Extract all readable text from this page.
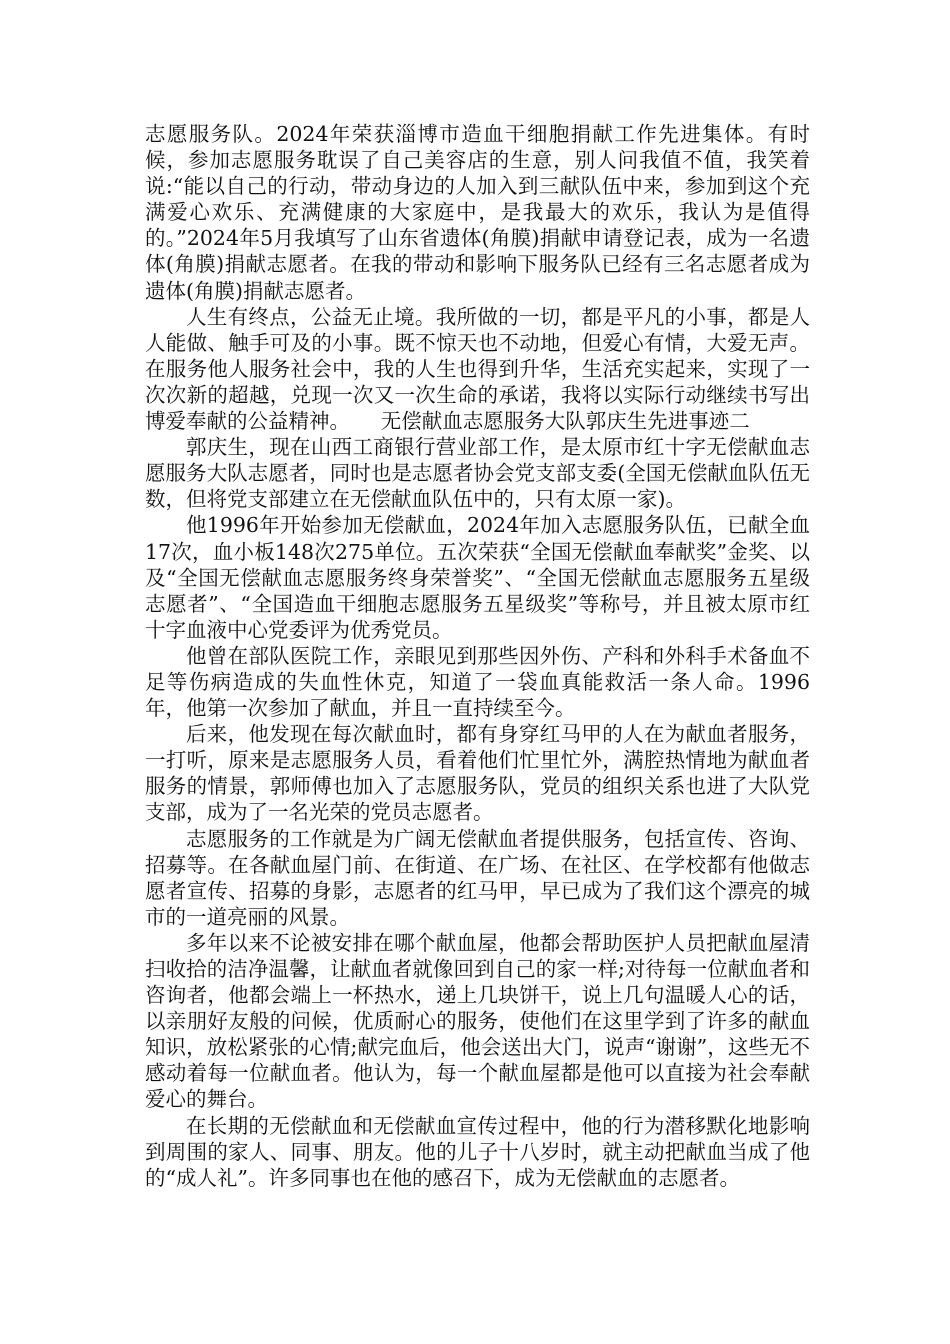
志愿服务队。2024年荣获淄博市造血干细胞捐献工作先进集体。有时候，参加志愿服务耽误了自己美容店的生意，别人问我值不值，我笑着说:“能以自己的行动，带动身边的人加入到三献队伍中来，参加到这个充满爱心欢乐、充满健康的大家庭中，是我最大的欢乐，我认为是值得的。”2024年5月我填写了山东省遗体(角膜)捐献申请登记表，成为一名遗体(角膜)捐献志愿者。在我的带动和影响下服务队已经有三名志愿者成为遗体(角膜)捐献志愿者。

人生有终点，公益无止境。我所做的一切，都是平凡的小事，都是人人能做、触手可及的小事。既不惊天也不动地，但爱心有情，大爱无声。在服务他人服务社会中，我的人生也得到升华，生活充实起来，实现了一次次新的超越，兑现一次又一次生命的承诺，我将以实际行动继续书写出博爱奉献的公益精神。　　无偿献血志愿服务大队郭庆生先进事迹二

郭庆生，现在山西工商银行营业部工作，是太原市红十字无偿献血志愿服务大队志愿者，同时也是志愿者协会党支部支委(全国无偿献血队伍无数，但将党支部建立在无偿献血队伍中的，只有太原一家)。

他1996年开始参加无偿献血，2024年加入志愿服务队伍，已献全血17次，血小板148次275单位。五次荣获“全国无偿献血奉献奖”金奖、以及“全国无偿献血志愿服务终身荣誉奖”、“全国无偿献血志愿服务五星级志愿者”、“全国造血干细胞志愿服务五星级奖”等称号，并且被太原市红十字血液中心党委评为优秀党员。

他曾在部队医院工作，亲眼见到那些因外伤、产科和外科手术备血不足等伤病造成的失血性休克，知道了一袋血真能救活一条人命。1996年，他第一次参加了献血，并且一直持续至今。

后来，他发现在每次献血时，都有身穿红马甲的人在为献血者服务，一打听，原来是志愿服务人员，看着他们忙里忙外，满腔热情地为献血者服务的情景，郭师傅也加入了志愿服务队，党员的组织关系也进了大队党支部，成为了一名光荣的党员志愿者。

志愿服务的工作就是为广阔无偿献血者提供服务，包括宣传、咨询、招募等。在各献血屋门前、在街道、在广场、在社区、在学校都有他做志愿者宣传、招募的身影，志愿者的红马甲，早已成为了我们这个漂亮的城市的一道亮丽的风景。

多年以来不论被安排在哪个献血屋，他都会帮助医护人员把献血屋清扫收拾的洁净温馨，让献血者就像回到自己的家一样;对待每一位献血者和咨询者，他都会端上一杯热水，递上几块饼干，说上几句温暖人心的话，以亲朋好友般的问候，优质耐心的服务，使他们在这里学到了许多的献血知识，放松紧张的心情;献完血后，他会送出大门，说声“谢谢”，这些无不感动着每一位献血者。他认为，每一个献血屋都是他可以直接为社会奉献爱心的舞台。

在长期的无偿献血和无偿献血宣传过程中，他的行为潜移默化地影响到周围的家人、同事、朋友。他的儿子十八岁时，就主动把献血当成了他的“成人礼”。许多同事也在他的感召下，成为无偿献血的志愿者。
